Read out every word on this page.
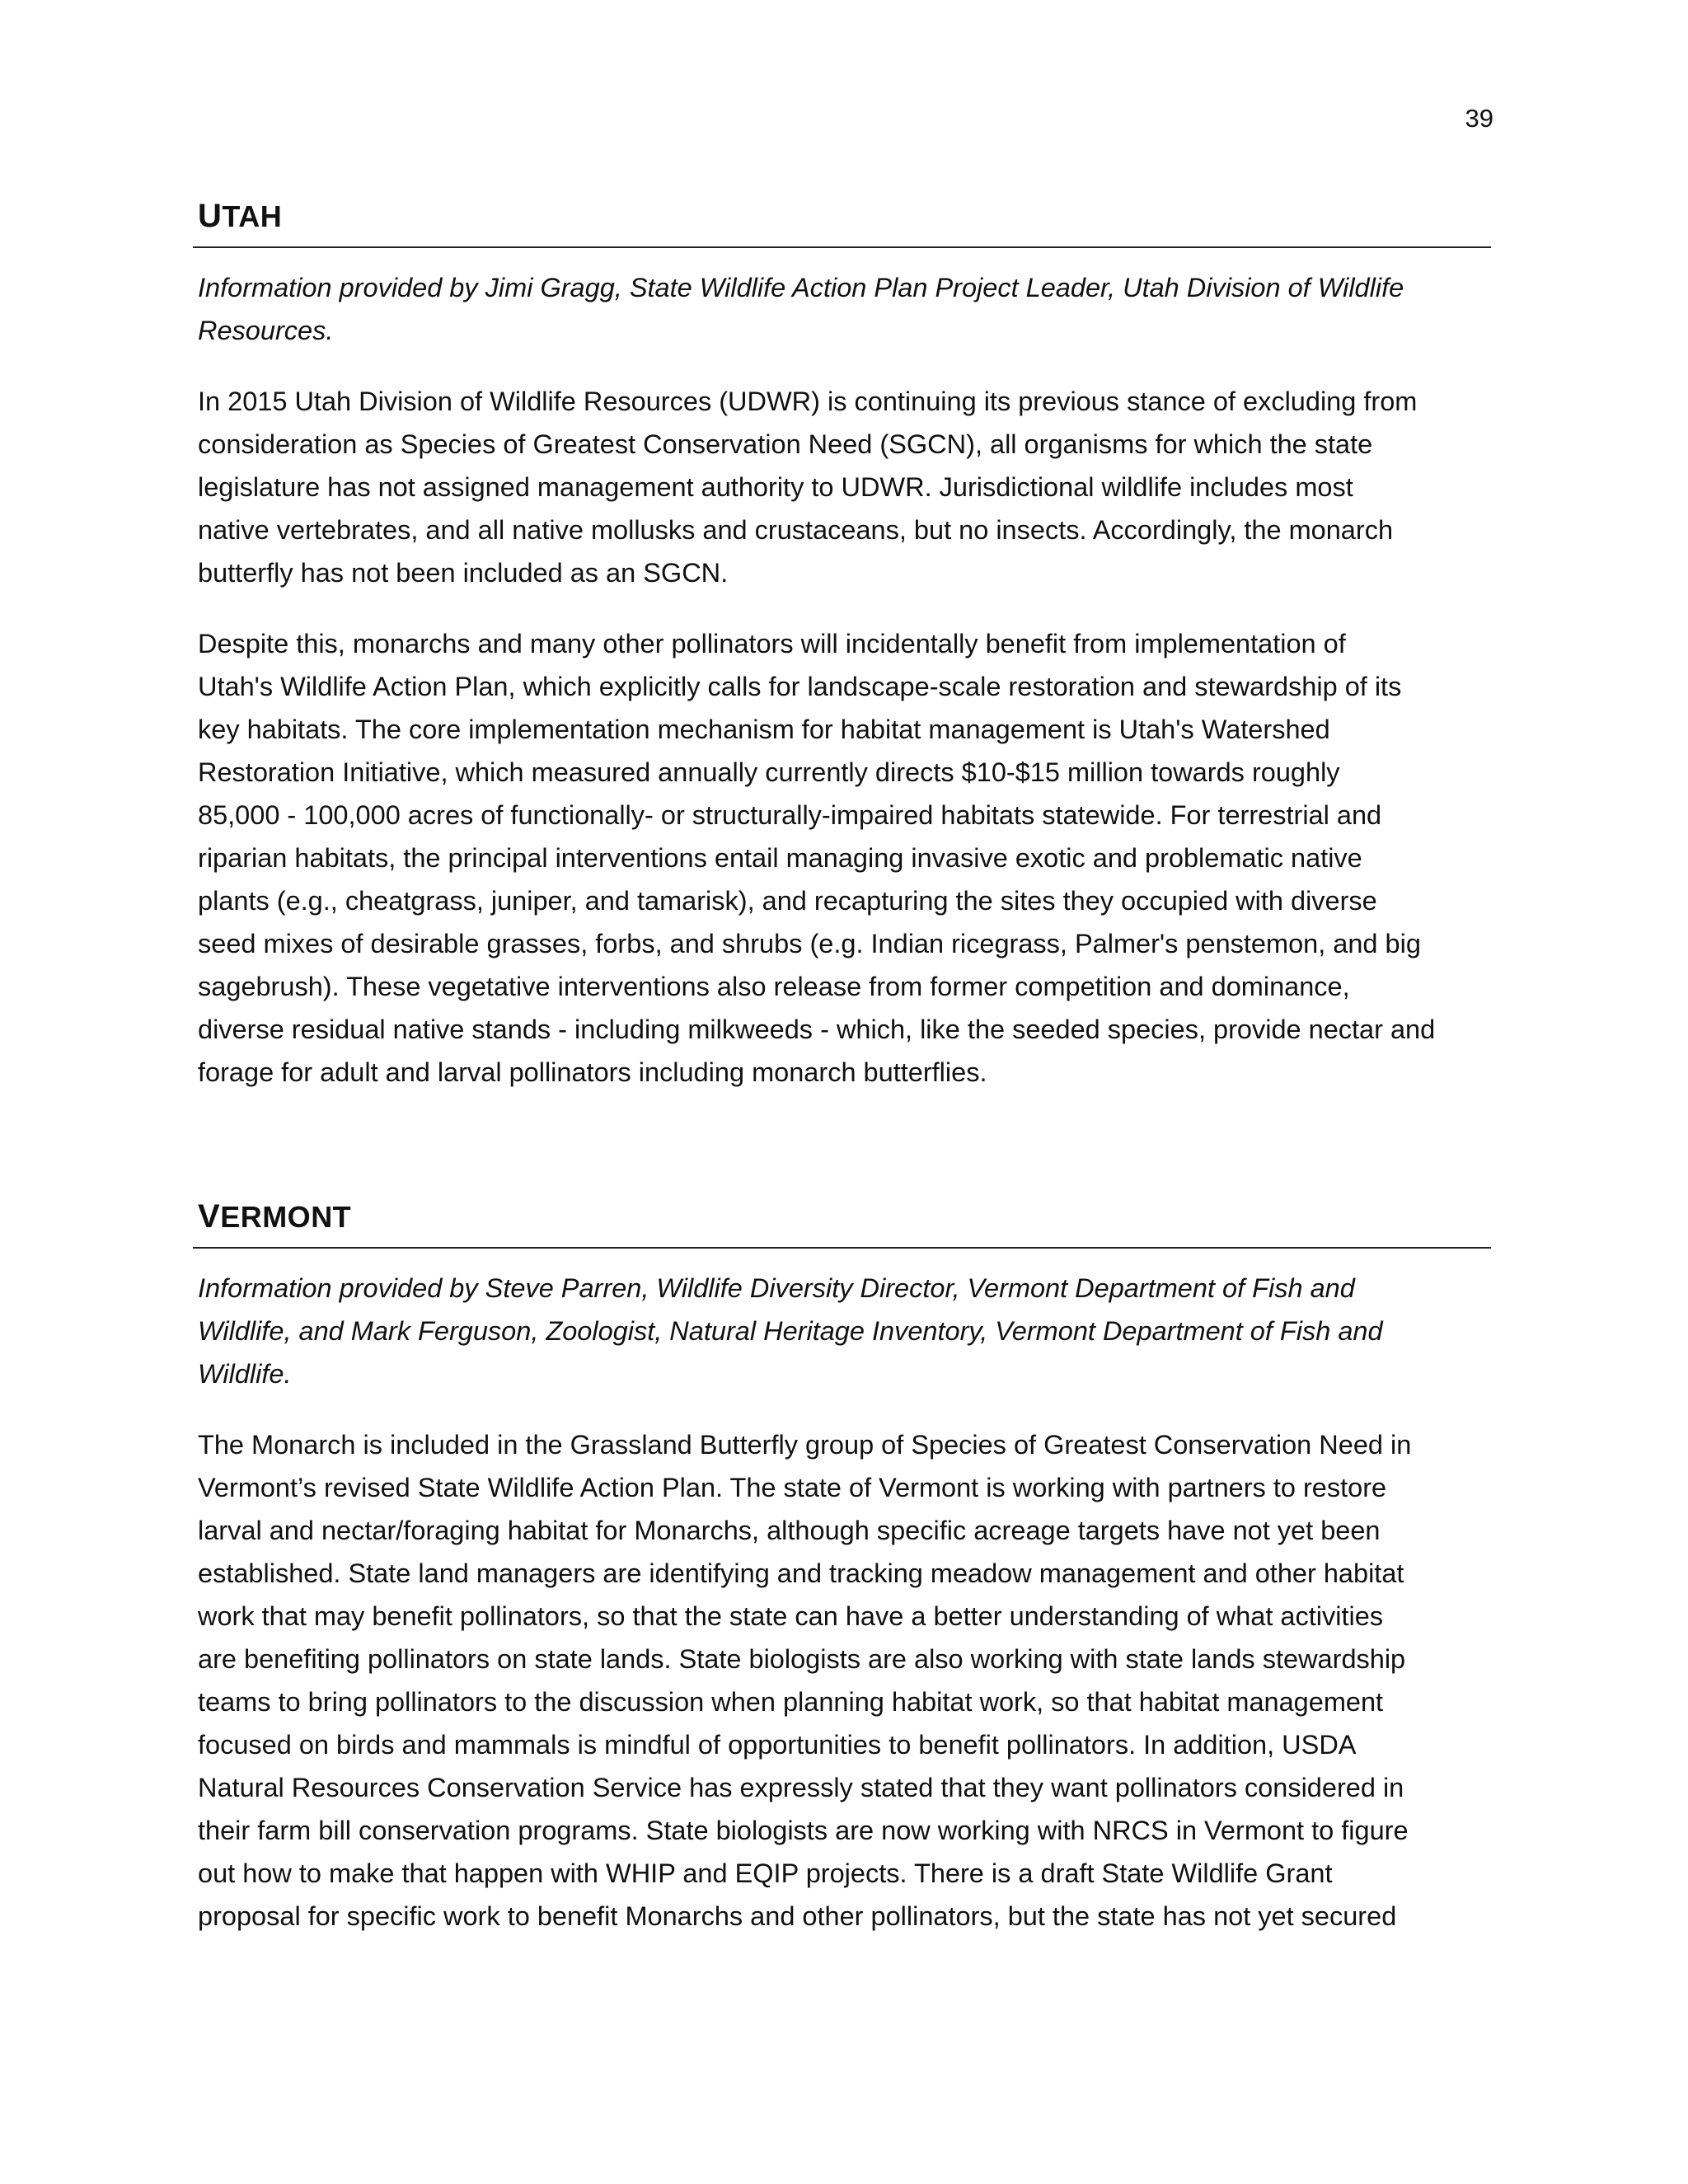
39
UTAH

Information provided by Jimi Gragg, State Wildlife Action Plan Project Leader, Utah Division of Wildlife
Resources.

In 2015 Utah Division of Wildlife Resources (UDWR) is continuing its previous stance of excluding from
consideration as Species of Greatest Conservation Need (SGCN), all organisms for which the state
legislature has not assigned management authority to UDWR. Jurisdictional wildlife includes most
native vertebrates, and all native mollusks and crustaceans, but no insects. Accordingly, the monarch
butterfly has not been included as an SGCN.

Despite this, monarchs and many other pollinators will incidentally benefit from implementation of
Utah's Wildlife Action Plan, which explicitly calls for landscape-scale restoration and stewardship of its
key habitats. The core implementation mechanism for habitat management is Utah's Watershed
Restoration Initiative, which measured annually currently directs $10-$15 million towards roughly
85,000 - 100,000 acres of functionally- or structurally-impaired habitats statewide. For terrestrial and
riparian habitats, the principal interventions entail managing invasive exotic and problematic native
plants (e.g., cheatgrass, juniper, and tamarisk), and recapturing the sites they occupied with diverse
seed mixes of desirable grasses, forbs, and shrubs (e.g. Indian ricegrass, Palmer's penstemon, and big
sagebrush). These vegetative interventions also release from former competition and dominance,
diverse residual native stands - including milkweeds - which, like the seeded species, provide nectar and
forage for adult and larval pollinators including monarch butterflies.

VERMONT

Information provided by Steve Parren, Wildlife Diversity Director, Vermont Department of Fish and
Wildlife, and Mark Ferguson, Zoologist, Natural Heritage Inventory, Vermont Department of Fish and
Wildlife.

The Monarch is included in the Grassland Butterfly group of Species of Greatest Conservation Need in
Vermont’s revised State Wildlife Action Plan. The state of Vermont is working with partners to restore
larval and nectar/foraging habitat for Monarchs, although specific acreage targets have not yet been
established. State land managers are identifying and tracking meadow management and other habitat
work that may benefit pollinators, so that the state can have a better understanding of what activities
are benefiting pollinators on state lands. State biologists are also working with state lands stewardship
teams to bring pollinators to the discussion when planning habitat work, so that habitat management
focused on birds and mammals is mindful of opportunities to benefit pollinators. In addition, USDA
Natural Resources Conservation Service has expressly stated that they want pollinators considered in
their farm bill conservation programs. State biologists are now working with NRCS in Vermont to figure
out how to make that happen with WHIP and EQIP projects. There is a draft State Wildlife Grant
proposal for specific work to benefit Monarchs and other pollinators, but the state has not yet secured
